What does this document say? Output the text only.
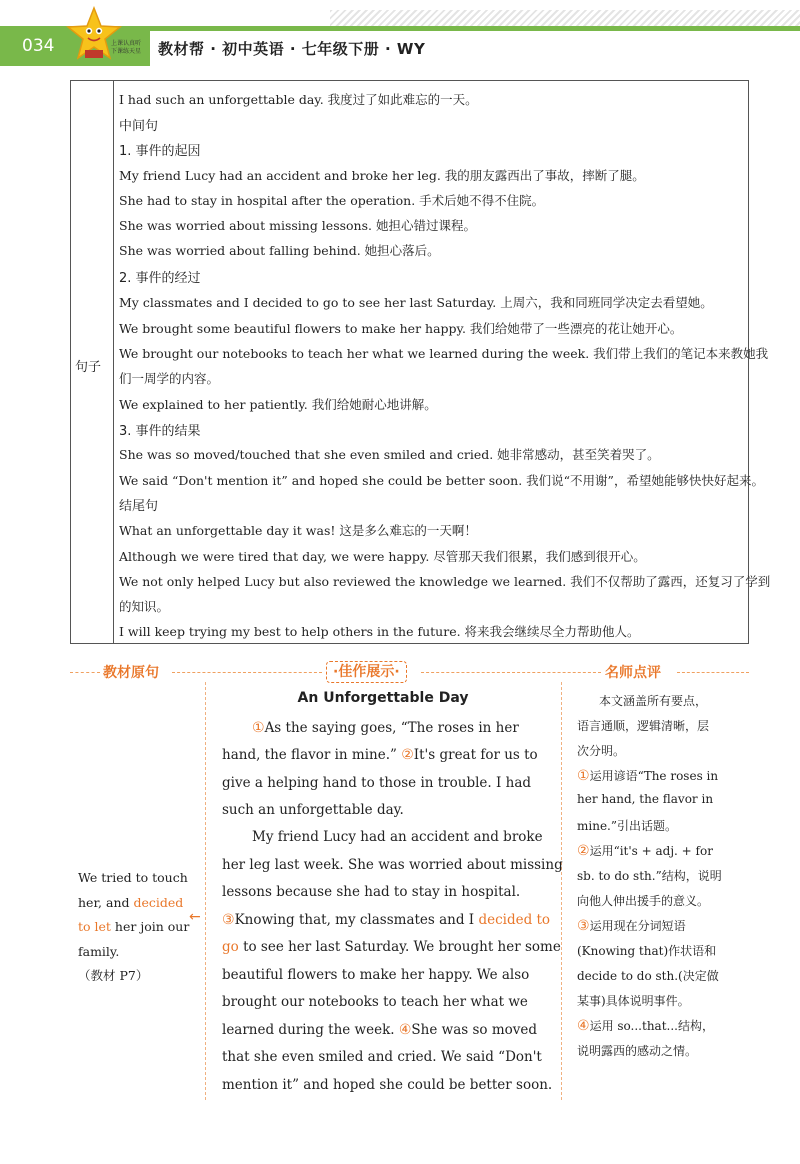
034	上课认真听
下课练天星	教材帮 · 初中英语 · 七年级下册 · WY
句子
I had such an unforgettable day. 我度过了如此难忘的一天。
中间句
1. 事件的起因
My friend Lucy had an accident and broke her leg. 我的朋友露西出了事故，摔断了腿。
She had to stay in hospital after the operation. 手术后她不得不住院。
She was worried about missing lessons. 她担心错过课程。
She was worried about falling behind. 她担心落后。
2. 事件的经过
My classmates and I decided to go to see her last Saturday. 上周六，我和同班同学决定去看望她。
We brought some beautiful flowers to make her happy. 我们给她带了一些漂亮的花让她开心。
We brought our notebooks to teach her what we learned during the week. 我们带上我们的笔记本来教她我
们一周学的内容。
We explained to her patiently. 我们给她耐心地讲解。
3. 事件的结果
She was so moved/touched that she even smiled and cried. 她非常感动，甚至笑着哭了。
We said “Don't mention it” and hoped she could be better soon. 我们说“不用谢”，希望她能够快快好起来。
结尾句
What an unforgettable day it was! 这是多么难忘的一天啊！
Although we were tired that day, we were happy. 尽管那天我们很累，我们感到很开心。
We not only helped Lucy but also reviewed the knowledge we learned. 我们不仅帮助了露西，还复习了学到
的知识。
I will keep trying my best to help others in the future. 将来我会继续尽全力帮助他人。
教材原句	·佳作展示·	名师点评
We tried to touch her, and decided to let her join our family.
（教材 P7）
←
An Unforgettable Day
①As the saying goes, “The roses in her
hand, the flavor in mine.” ②It's great for us to
give a helping hand to those in trouble. I had
such an unforgettable day.
My friend Lucy had an accident and broke
her leg last week. She was worried about missing
lessons because she had to stay in hospital.
③Knowing that, my classmates and I decided to
go to see her last Saturday. We brought her some
beautiful flowers to make her happy. We also
brought our notebooks to teach her what we
learned during the week. ④She was so moved
that she even smiled and cried. We said “Don't
mention it” and hoped she could be better soon.
本文涵盖所有要点，
语言通顺，逻辑清晰，层
次分明。
①运用谚语“The roses in
her hand, the flavor in
mine.”引出话题。
②运用“it's + adj. + for
sb. to do sth.”结构，说明
向他人伸出援手的意义。
③运用现在分词短语
(Knowing that)作状语和
decide to do sth.(决定做
某事)具体说明事件。
④运用 so...that...结构，
说明露西的感动之情。
